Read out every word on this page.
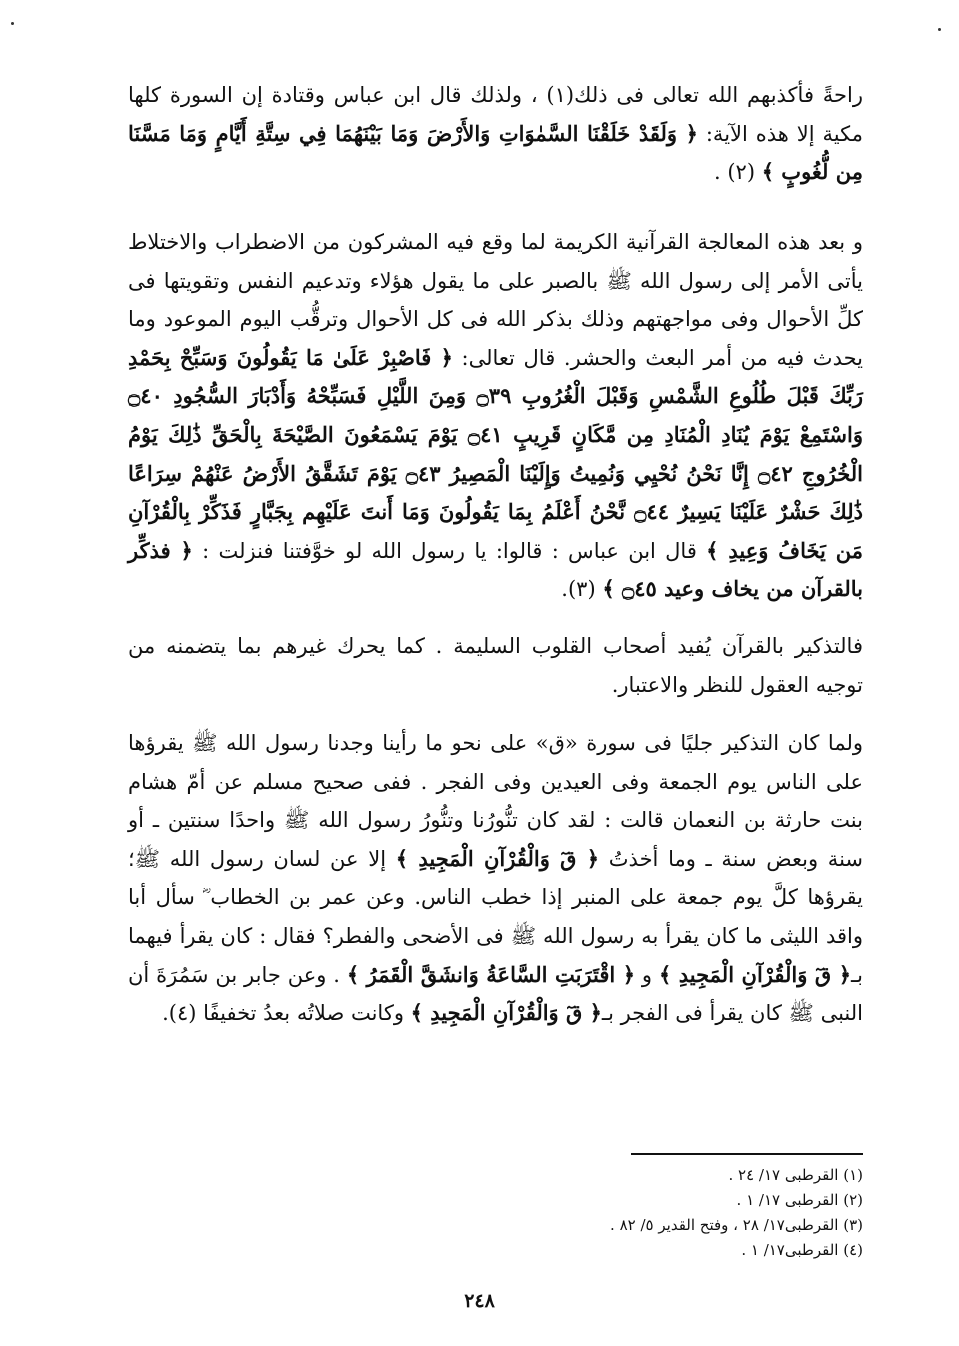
راحةً فأكذبهم الله تعالى فى ذلك(١) ، ولذلك قال ابن عباس وقتادة إن السورة كلها مكية إلا هذه الآية: ﴿ وَلَقَدْ خَلَقْنَا السَّمٰوَاتِ وَالأَرْضَ وَمَا بَيْنَهُمَا فِي سِتَّةِ أَيَّامٍ وَمَا مَسَّنَا مِن لُّغُوبٍ ﴾ (٢) .

و بعد هذه المعالجة القرآنية الكريمة لما وقع فيه المشركون من الاضطراب والاختلاط يأتى الأمر إلى رسول الله ﷺ بالصبر على ما يقول هؤلاء وتدعيم النفس وتقويتها فى كلِّ الأحوال وفى مواجهتهم وذلك بذكر الله فى كل الأحوال وترقُّب اليوم الموعود وما يحدث فيه من أمر البعث والحشر. قال تعالى: ﴿ فَاصْبِرْ عَلَىٰ مَا يَقُولُونَ وَسَبِّحْ بِحَمْدِ رَبِّكَ قَبْلَ طُلُوعِ الشَّمْسِ وَقَبْلَ الْغُرُوبِ ۝٣٩ وَمِنَ اللَّيْلِ فَسَبِّحْهُ وَأَدْبَارَ السُّجُودِ ۝٤٠ وَاسْتَمِعْ يَوْمَ يُنَادِ الْمُنَادِ مِن مَّكَانٍ قَرِيبٍ ۝٤١ يَوْمَ يَسْمَعُونَ الصَّيْحَةَ بِالْحَقِّ ذَٰلِكَ يَوْمُ الْخُرُوجِ ۝٤٢ إِنَّا نَحْنُ نُحْيِي وَنُمِيتُ وَإِلَيْنَا الْمَصِيرُ ۝٤٣ يَوْمَ تَشَقَّقُ الأَرْضُ عَنْهُمْ سِرَاعًا ذَٰلِكَ حَشْرٌ عَلَيْنَا يَسِيرٌ ۝٤٤ نَّحْنُ أَعْلَمُ بِمَا يَقُولُونَ وَمَا أَنتَ عَلَيْهِم بِجَبَّارٍ فَذَكِّرْ بِالْقُرْآنِ مَن يَخَافُ وَعِيدِ ﴾ قال ابن عباس : قالوا: يا رسول الله لو خوَّفتنا فنزلت : ﴿ فذكِّر بالقرآن من يخاف وعيد ۝٤٥ ﴾ (٣).

فالتذكير بالقرآن يُفيد أصحاب القلوب السليمة . كما يحرك غيرهم بما يتضمنه من توجيه العقول للنظر والاعتبار.

ولما كان التذكير جليًا فى سورة «ق» على نحو ما رأينا وجدنا رسول الله ﷺ يقرؤها على الناس يوم الجمعة وفى العيدين وفى الفجر . ففى صحيح مسلم عن أمّ هشام بنت حارثة بن النعمان قالت : لقد كان تنُّورُنا وتنُّورُ رسول الله ﷺ واحدًا سنتين ـ أو سنة وبعض سنة ـ وما أخذتُ ﴿ قٓ وَالْقُرْآنِ الْمَجِيدِ ﴾ إلا عن لسان رسول الله ﷺ؛ يقرؤها كلَّ يوم جمعة على المنبر إذا خطب الناس. وعن عمر بن الخطاب ؓ سأل أبا واقد الليثى ما كان يقرأ به رسول الله ﷺ فى الأضحى والفطر؟ فقال : كان يقرأ فيهما بـ﴿ قٓ وَالْقُرْآنِ الْمَجِيدِ ﴾ و ﴿ اقْتَرَبَتِ السَّاعَةُ وَانشَقَّ الْقَمَرُ ﴾ . وعن جابر بن سَمُرَةَ أن النبى ﷺ كان يقرأ فى الفجر بـ﴿ قٓ وَالْقُرْآنِ الْمَجِيدِ ﴾ وكانت صلاتُه بعدُ تخفيفًا (٤).

(١) القرطبى ١٧/ ٢٤ .
(٢) القرطبى ١٧/ ١ .
(٣) القرطبى١٧/ ٢٨ ، وفتح القدير ٥/ ٨٢ .
(٤) القرطبى١٧/ ١ .
٢٤٨
